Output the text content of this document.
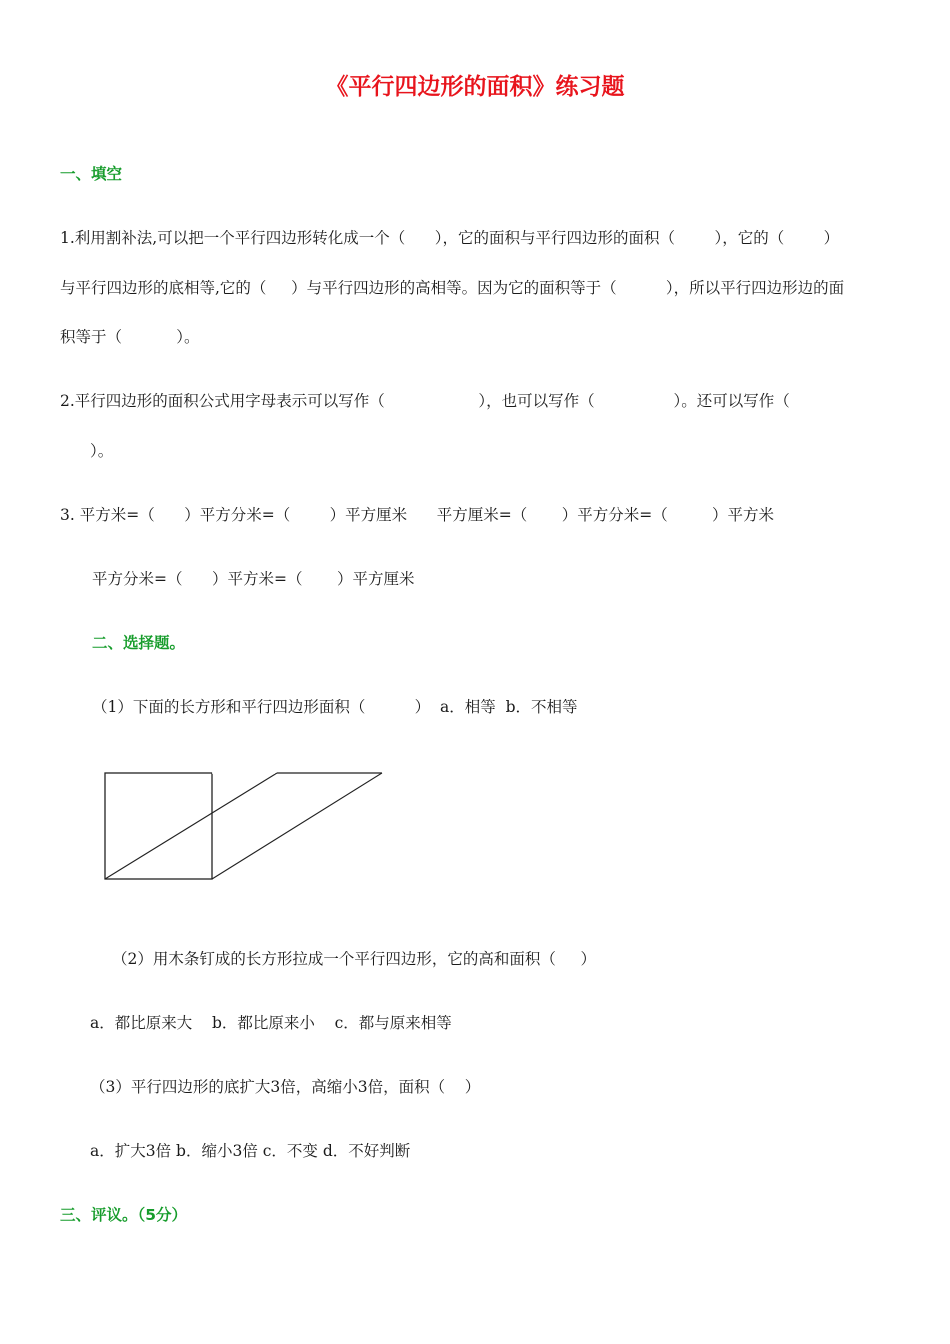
《平行四边形的面积》练习题
一、填空
1.利用割补法,可以把一个平行四边形转化成一个（      ），它的面积与平行四边形的面积（        ），它的（        ）
与平行四边形的底相等,它的（     ）与平行四边形的高相等。因为它的面积等于（          ），所以平行四边形边的面
积等于（           ）。
2.平行四边形的面积公式用字母表示可以写作（                   ），也可以写作（                ）。还可以写作（
）。
3. 平方米=（      ）平方分米=（        ）平方厘米      平方厘米=（       ）平方分米=（         ）平方米
平方分米=（      ）平方米=（       ）平方厘米
二、选择题。
（1）下面的长方形和平行四边形面积（          ）  a．相等  b．不相等
（2）用木条钉成的长方形拉成一个平行四边形，它的高和面积（     ）
a．都比原来大    b．都比原来小    c．都与原来相等
（3）平行四边形的底扩大3倍，高缩小3倍，面积（    ）
a．扩大3倍 b．缩小3倍 c．不变 d．不好判断
三、评议。（5分）
